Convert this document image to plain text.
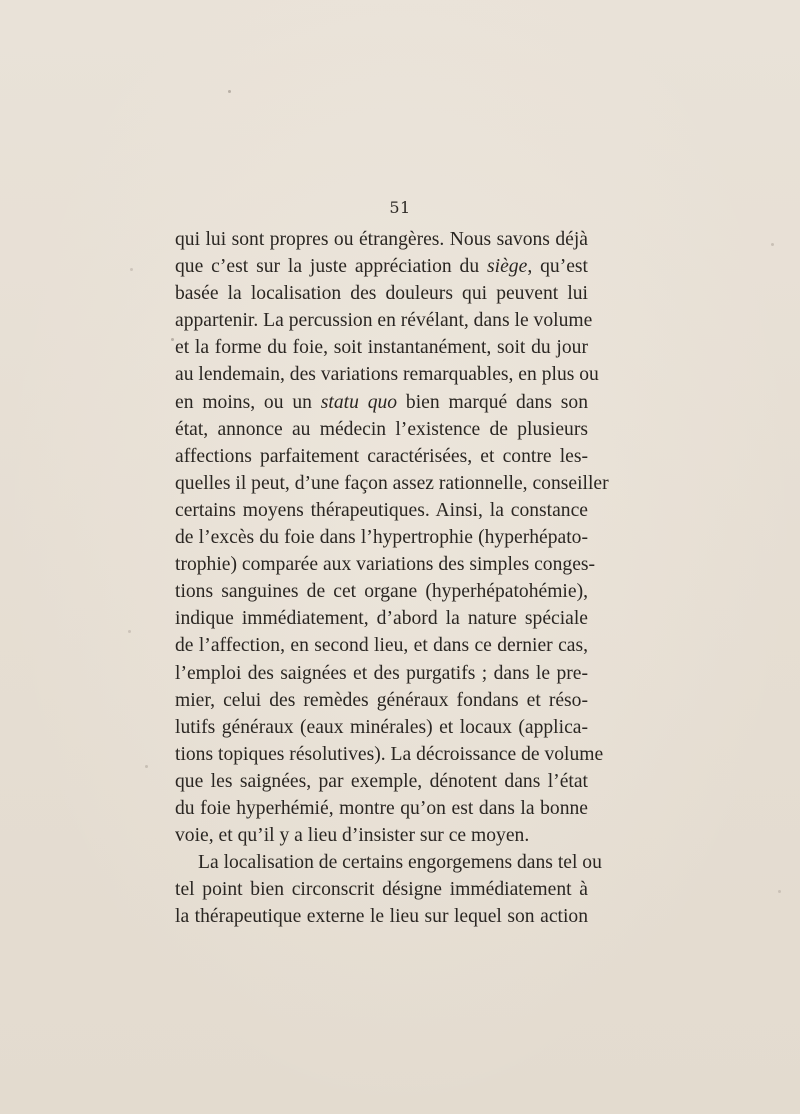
51
qui lui sont propres ou étrangères. Nous savons déjà
que c’est sur la juste appréciation du siège, qu’est
basée la localisation des douleurs qui peuvent lui
appartenir. La percussion en révélant, dans le volume
et la forme du foie, soit instantanément, soit du jour
au lendemain, des variations remarquables, en plus ou
en moins, ou un statu quo bien marqué dans son
état, annonce au médecin l’existence de plusieurs
affections parfaitement caractérisées, et contre les-
quelles il peut, d’une façon assez rationnelle, conseiller
certains moyens thérapeutiques. Ainsi, la constance
de l’excès du foie dans l’hypertrophie (hyperhépato-
trophie) comparée aux variations des simples conges-
tions sanguines de cet organe (hyperhépatohémie),
indique immédiatement, d’abord la nature spéciale
de l’affection, en second lieu, et dans ce dernier cas,
l’emploi des saignées et des purgatifs ; dans le pre-
mier, celui des remèdes généraux fondans et réso-
lutifs généraux (eaux minérales) et locaux (applica-
tions topiques résolutives). La décroissance de volume
que les saignées, par exemple, dénotent dans l’état
du foie hyperhémié, montre qu’on est dans la bonne
voie, et qu’il y a lieu d’insister sur ce moyen.
La localisation de certains engorgemens dans tel ou
tel point bien circonscrit désigne immédiatement à
la thérapeutique externe le lieu sur lequel son action
